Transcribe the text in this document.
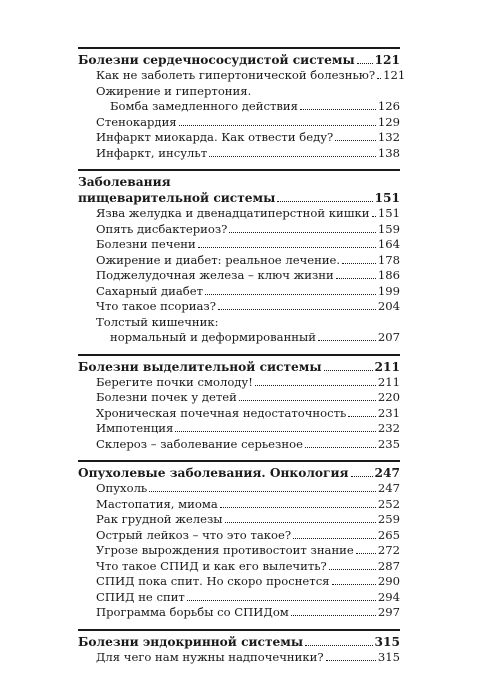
Болезни сердечнососудистой системы 121
Как не заболеть гипертонической болезнью? 121
Ожирение и гипертония.
Бомба замедленного действия	126
Стенокардия	129
Инфаркт миокарда. Как отвести беду?	132
Инфаркт, инсульт	138
Заболевания
пищеварительной системы	151
Язва желудка и двенадцатиперстной кишки 151
Опять дисбактериоз?	159
Болезни печени	164
Ожирение и диабет: реальное лечение.	178
Поджелудочная железа – ключ жизни	186
Сахарный диабет	199
Что такое псориаз?	204
Толстый кишечник:
нормальный и деформированный	207
Болезни выделительной системы	211
Берегите почки смолоду!	211
Болезни почек у детей	220
Хроническая почечная недостаточность	231
Импотенция	232
Склероз – заболевание серьезное	235
Опухолевые заболевания. Онкология 247
Опухоль	247
Мастопатия, миома	252
Рак грудной железы	259
Острый лейкоз – что это такое?	265
Угрозе вырождения противостоит знание 272
Что такое СПИД и как его вылечить?	287
СПИД пока спит. Но скоро проснется	290
СПИД не спит	294
Программа борьбы со СПИДом	297
Болезни эндокринной системы	315
Для чего нам нужны надпочечники?	315
